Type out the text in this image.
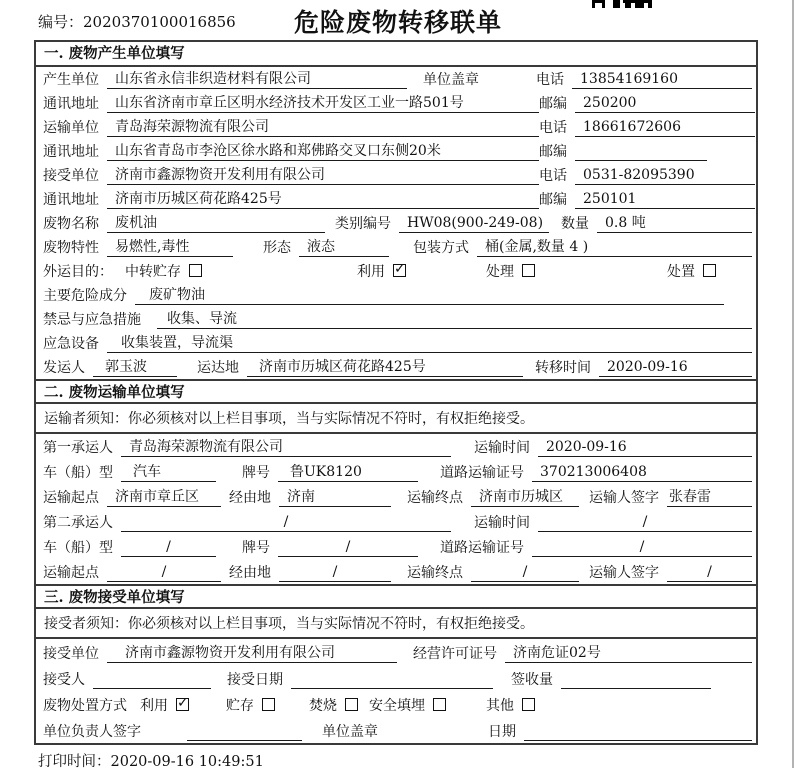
编号：2020370100016856	危险废物转移联单
一. 废物产生单位填写
产生单位	山东省永信非织造材料有限公司	单位盖章	电话	13854169160
通讯地址	山东省济南市章丘区明水经济技术开发区工业一路501号	邮编	250200
运输单位	青岛海荣源物流有限公司	电话	18661672606
通讯地址	山东省青岛市李沧区徐水路和郑佛路交叉口东侧20米	邮编
接受单位	济南市鑫源物资开发利用有限公司	电话	0531-82095390
通讯地址	济南市历城区荷花路425号	邮编	250101
废物名称	废机油	类别编号	HW08(900-249-08)	数量	0.8 吨
废物特性	易燃性,毒性	形态	液态	包装方式	桶(金属,数量 4 )
外运目的： 中转贮存	利用 ✓	处理	处置
主要危险成分	废矿物油
禁忌与应急措施	收集、导流
应急设备	收集装置，导流渠
发运人	郭玉波	运达地	济南市历城区荷花路425号	转移时间	2020-09-16
二. 废物运输单位填写
运输者须知：你必须核对以上栏目事项，当与实际情况不符时，有权拒绝接受。
第一承运人	青岛海荣源物流有限公司	运输时间	2020-09-16
车（船）型	汽车	牌号	鲁UK8120	道路运输证号	370213006408
运输起点	济南市章丘区	经由地	济南	运输终点	济南市历城区	运输人签字 张春雷
第二承运人	/	运输时间	/
车（船）型	/	牌号	/	道路运输证号	/
运输起点	/	经由地	/	运输终点	/	运输人签字	/
三. 废物接受单位填写
接受者须知：你必须核对以上栏目事项，当与实际情况不符时，有权拒绝接受。
接受单位	济南市鑫源物资开发利用有限公司	经营许可证号	济南危证02号
接受人	接受日期	签收量
废物处置方式 利用 ✓	贮存	焚烧 安全填埋	其他
单位负责人签字	单位盖章	日期
打印时间：2020-09-16 10:49:51
